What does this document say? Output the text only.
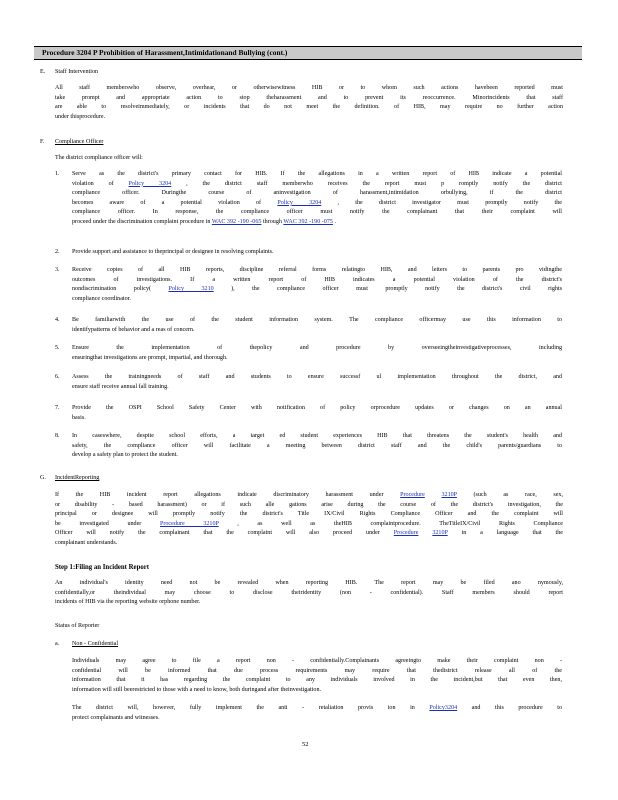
Procedure 3204 P Prohibition of Harassment,Intimidationand Bullying (cont.)
E. Staff Intervention
All staff memberswho observe, overhear, or otherwisewitness HIB or to whom such actions havebeen reported must
take prompt and appropriate action to stop theharassment and to prevent its reoccurrence. Minorincidents that staff
are able to resolveimmediately, or incidents that do not meet the definition. of HIB, may require no further action
under thisprocedure.
F. Compliance Officer
The district compliance officer will:
1. Serve as the district's primary contact for HIB. If the allegations in a written report of HIB indicate a potential
violation of Policy 3204 , the district staff memberwho receives the report must p romptly notify the district
compliance officer. Duringthe course of aninvestigation of harassment,intimidation orbullying, if the district
becomes aware of a potential violation of Policy 3204 , the district investigator must promptly notify the
compliance officer. In response, the compliance officer must notify the complainant that their complaint will
proceed under the discrimination complaint procedure in WAC 392 -190 -065 through WAC 392 -190 -075 .
2. Provide support and assistance to theprincipal or designee in resolving complaints.
3. Receive copies of all HIB reports, discipline referral forms relatingto HIB, and letters to parents pro vidingthe
outcomes of investigations. If a written report of HIB indicates a potential violation of the district's
nondiscrimination policy( Policy 3210 ), the compliance officer must promptly notify the district's civil rights
compliance coordinator.
4. Be familiarwith the use of the student information system. The compliance officermay use this information to
identifypatterns of behavior and a reas of concern.
5. Ensure the implementation of thepolicy and procedure by overseeingtheinvestigativeprocesses, including
ensuringthat investigations are prompt, impartial, and thorough.
6. Assess the trainingneeds of staff and students to ensure successf ul implementation throughout the district, and
ensure staff receive annual fall training.
7. Provide the OSPI School Safety Center with notification of policy orprocedure updates or changes on an annual
basis.
8. In caseswhere, despite school efforts, a target ed student experiences HIB that threatens the student's health and
safety, the compliance officer will facilitate a meeting between district staff and the child's parents/guardians to
develop a safety plan to protect the student.
G. IncidentReporting
If the HIB incident report allegations indicate discriminatory harassment under Procedure	3210P (such as race, sex,
or disability - based harassment) or if such alle gations arise during the course of the district's investigation, the
principal or designee will promptly notify the district's Title IX/Civil Rights Compliance Officer and the complaint will
be investigated under Procedure 3210P , as well as theHIB complaintprocedure. TheTitleIX/Civil Rights Compliance
Officer will notify the complainant that the complaint will also proceed under Procedure 3210P in a language that the
complainant understands.
Step 1:Filing an Incident Report
An individual's identity need not be revealed when reporting HIB. The report may be filed ano nymously,
confidentially,or theindividual may choose to disclose theiridentity (non - confidential). Staff members should report
incidents of HIB via the reporting website orphone number.
Status of Reporter
a. Non - Confidential
Individuals may agree to file a report non - confidentially.Complainants agreeingto make their complaint non -
confidential will be informed that due process requirements may require that thedistrict release all of the
information that it has regarding the complaint to any individuals involved in the incident,but that even then,
information will still beerestricted to those with a need to know, both duringand after theinvestigation.
The district will, however, fully implement the anti - retaliation provis ion in Policy3204 and this procedure to
protect complainants and witnesses.
52
